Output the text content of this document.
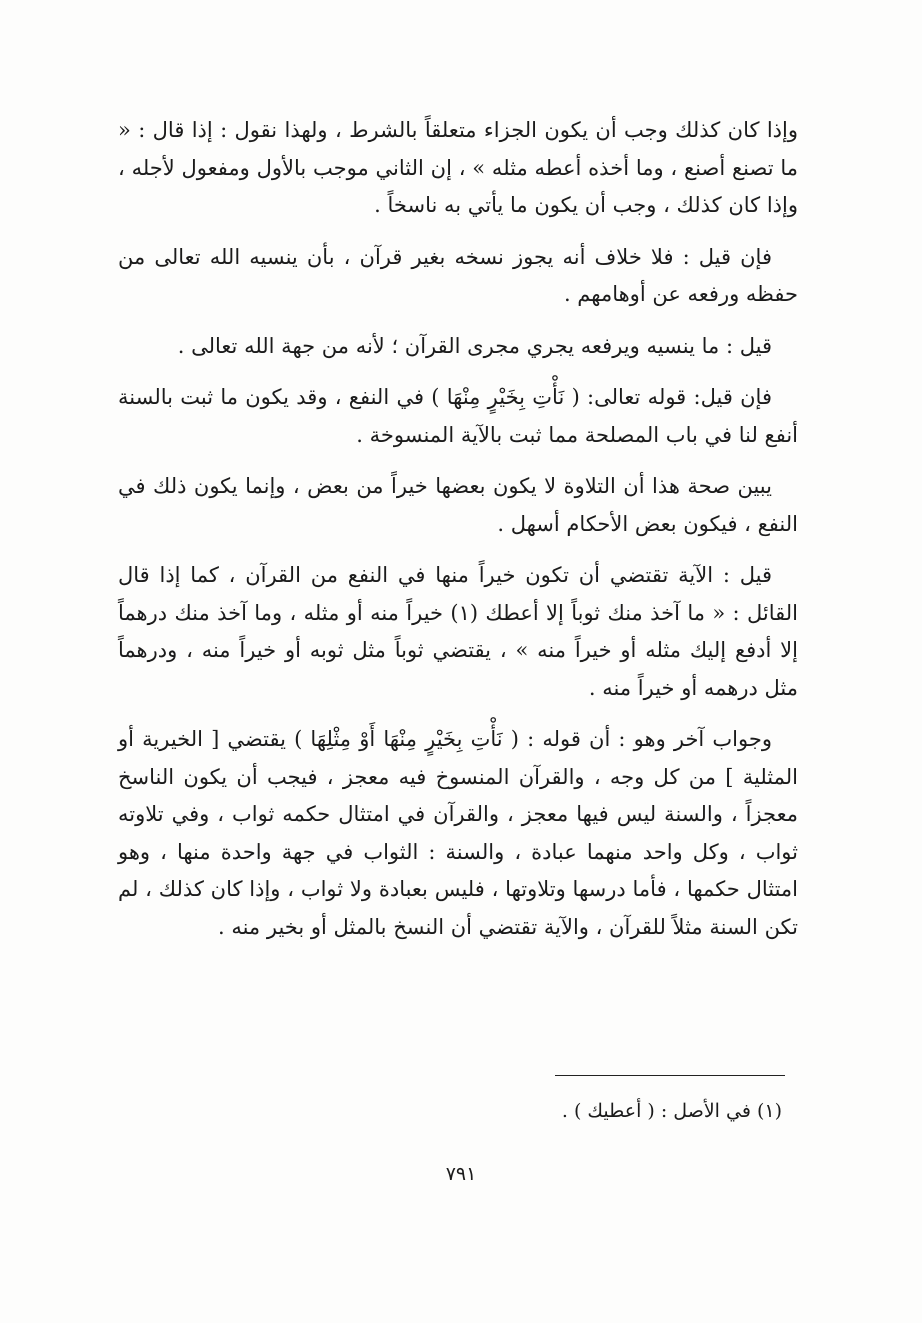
وإذا كان كذلك وجب أن يكون الجزاء متعلقاً بالشرط ، ولهذا نقول : إذا قال : « ما تصنع أصنع ، وما أخذه أعطه مثله » ، إن الثاني موجب بالأول ومفعول لأجله ، وإذا كان كذلك ، وجب أن يكون ما يأتي به ناسخاً .

فإن قيل : فلا خلاف أنه يجوز نسخه بغير قرآن ، بأن ينسيه الله تعالى من حفظه ورفعه عن أوهامهم .

قيل : ما ينسيه ويرفعه يجري مجرى القرآن ؛ لأنه من جهة الله تعالى .

فإن قيل: قوله تعالى: ( نَأْتِ بِخَيْرٍ مِنْهَا ) في النفع ، وقد يكون ما ثبت بالسنة أنفع لنا في باب المصلحة مما ثبت بالآية المنسوخة .

يبين صحة هذا أن التلاوة لا يكون بعضها خيراً من بعض ، وإنما يكون ذلك في النفع ، فيكون بعض الأحكام أسهل .

قيل : الآية تقتضي أن تكون خيراً منها في النفع من القرآن ، كما إذا قال القائل : « ما آخذ منك ثوباً إلا أعطك (١) خيراً منه أو مثله ، وما آخذ منك درهماً إلا أدفع إليك مثله أو خيراً منه » ، يقتضي ثوباً مثل ثوبه أو خيراً منه ، ودرهماً مثل درهمه أو خيراً منه .

وجواب آخر وهو : أن قوله : ( نَأْتِ بِخَيْرٍ مِنْهَا أَوْ مِثْلِهَا ) يقتضي [ الخيرية أو المثلية ] من كل وجه ، والقرآن المنسوخ فيه معجز ، فيجب أن يكون الناسخ معجزاً ، والسنة ليس فيها معجز ، والقرآن في امتثال حكمه ثواب ، وفي تلاوته ثواب ، وكل واحد منهما عبادة ، والسنة : الثواب في جهة واحدة منها ، وهو امتثال حكمها ، فأما درسها وتلاوتها ، فليس بعبادة ولا ثواب ، وإذا كان كذلك ، لم تكن السنة مثلاً للقرآن ، والآية تقتضي أن النسخ بالمثل أو بخير منه .

(١) في الأصل : ( أعطيك ) .
٧٩١
